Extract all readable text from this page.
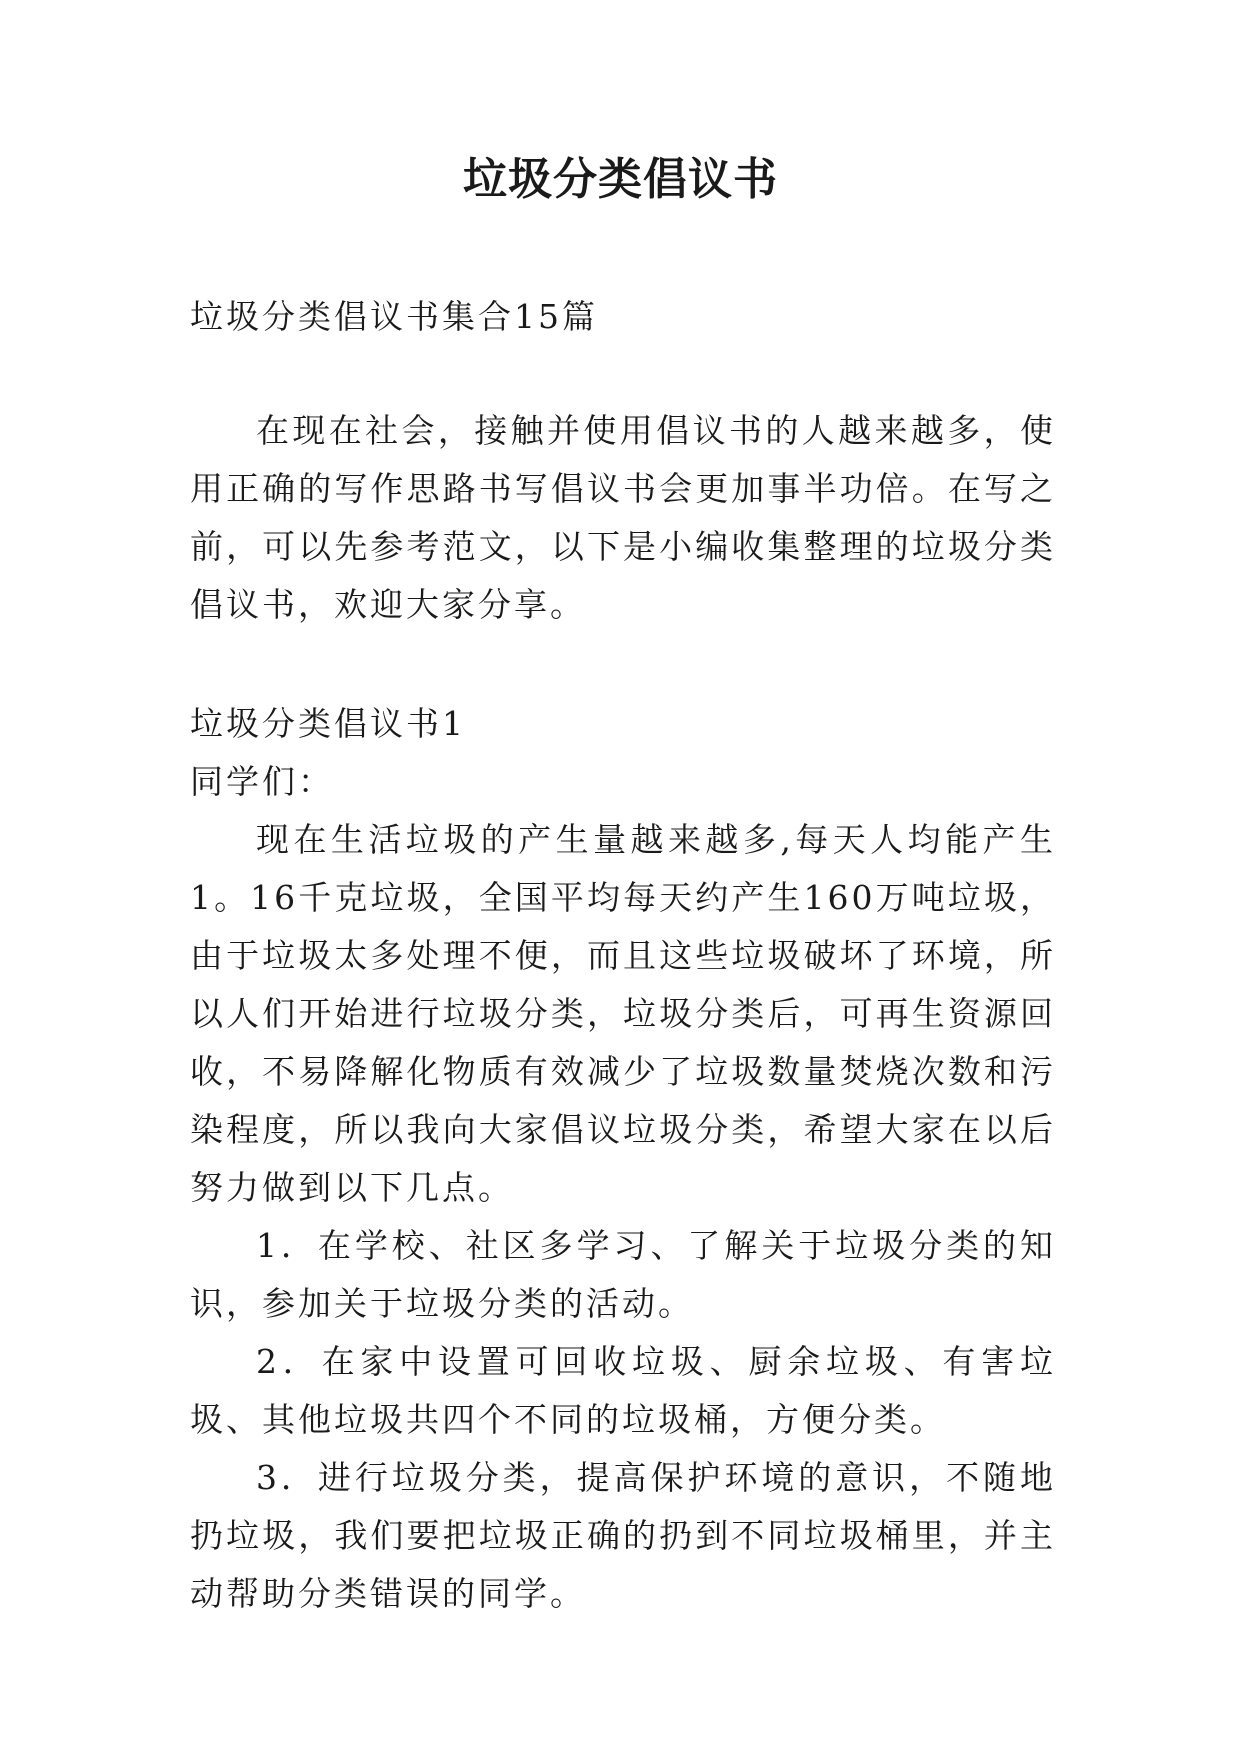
垃圾分类倡议书
垃圾分类倡议书集合15篇
在现在社会，接触并使用倡议书的人越来越多，使用正确的写作思路书写倡议书会更加事半功倍。在写之前，可以先参考范文，以下是小编收集整理的垃圾分类倡议书，欢迎大家分享。
垃圾分类倡议书1
同学们：

现在生活垃圾的产生量越来越多,每天人均能产生1。16千克垃圾，全国平均每天约产生160万吨垃圾，由于垃圾太多处理不便，而且这些垃圾破坏了环境，所以人们开始进行垃圾分类，垃圾分类后，可再生资源回收，不易降解化物质有效减少了垃圾数量焚烧次数和污染程度，所以我向大家倡议垃圾分类，希望大家在以后努力做到以下几点。

1．在学校、社区多学习、了解关于垃圾分类的知识，参加关于垃圾分类的活动。

2．在家中设置可回收垃圾、厨余垃圾、有害垃圾、其他垃圾共四个不同的垃圾桶，方便分类。

3．进行垃圾分类，提高保护环境的意识，不随地扔垃圾，我们要把垃圾正确的扔到不同垃圾桶里，并主动帮助分类错误的同学。
